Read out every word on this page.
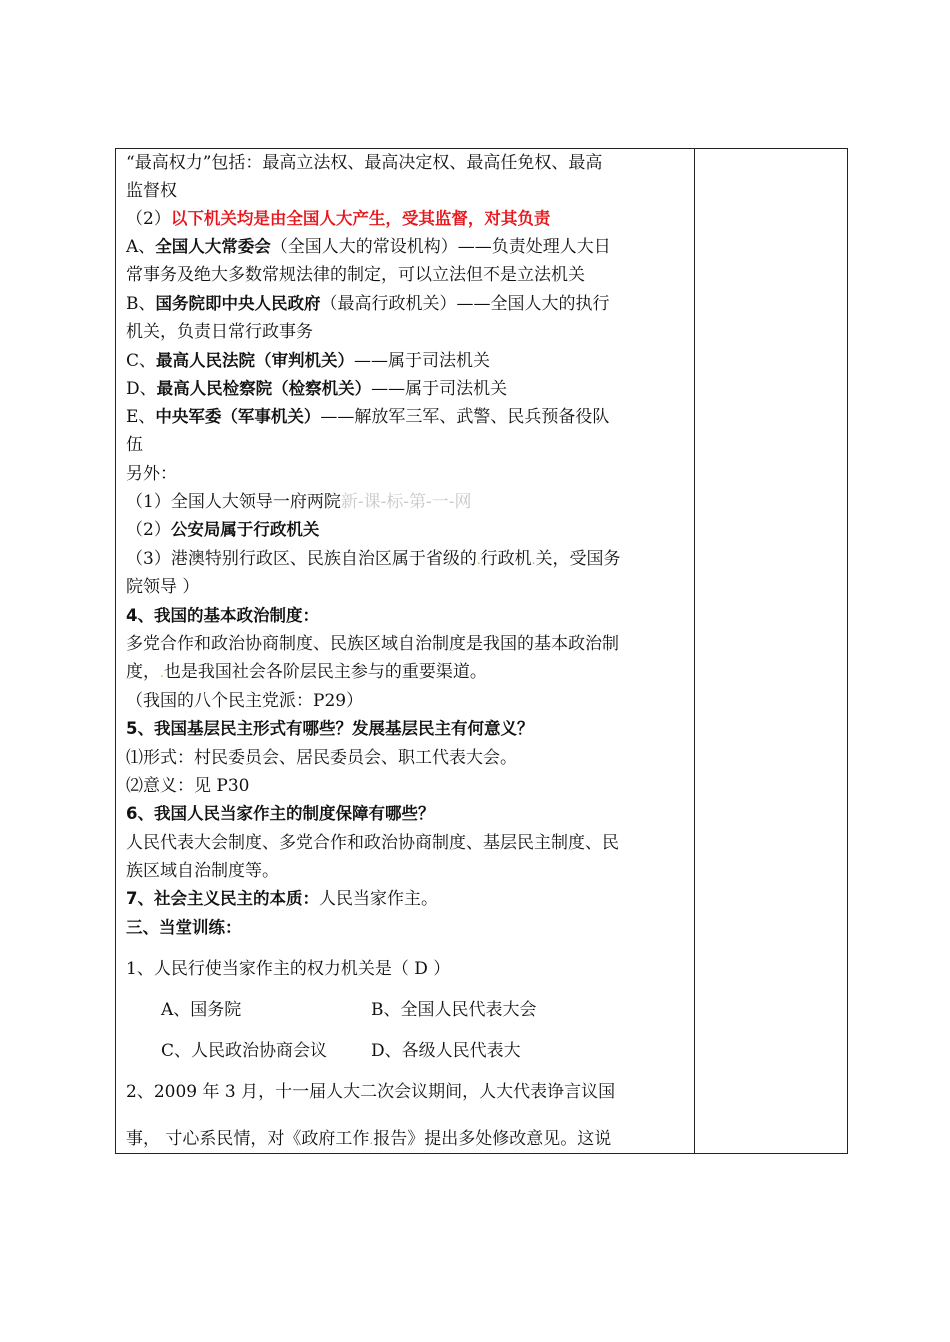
“最高权力”包括：最高立法权、最高决定权、最高任免权、最高
监督权
（2）以下机关均是由全国人大产生，受其监督，对其负责
A、全国人大常委会（全国人大的常设机构）——负责处理人大日
常事务及绝大多数常规法律的制定，可以立法但不是立法机关
B、国务院即中央人民政府（最高行政机关）——全国人大的执行
机关，负责日常行政事务
C、最高人民法院（审判机关）——属于司法机关
D、最高人民检察院（检察机关）——属于司法机关
E、中央军委（军事机关）——解放军三军、武警、民兵预备役队
伍
另外：
（1）全国人大领导一府两院新-课-标-第-一-网
（2）公安局属于行政机关
（3）港澳特别行政区、民族自治区属于省级的.行政机.关，受国务
院领导 ）
4、我国的基本政治制度：
多党合作和政治协商制度、民族区域自治制度是我国的基本政治制
度，.也是我国社会各阶层民主参与的重要渠道。
（我国的八个民主党派：P29）
5、我国基层民主形式有哪些？发展基层民主有何意义？
⑴形式：村民委员会、居民委员会、职工代表大会。
⑵意义：见 P30
6、我国人民当家作主的制度保障有哪些？
人民代表大会制度、多党合作和政治协商制度、基层民主制度、民
族区域自治制度等。
7、社会主义民主的本质：人民当家作主。
三、当堂训练：
1、人民行使当家作主的权力机关是（ D ）
A、国务院	B、全国人民代表大会
C、人民政治协商会议	D、各级人民代表大
2、2009 年 3 月，十一届人大二次会议期间，人大代表诤言议国
事， 寸心系民情，对《政府工作.报告》提出多处修改意见。这说
